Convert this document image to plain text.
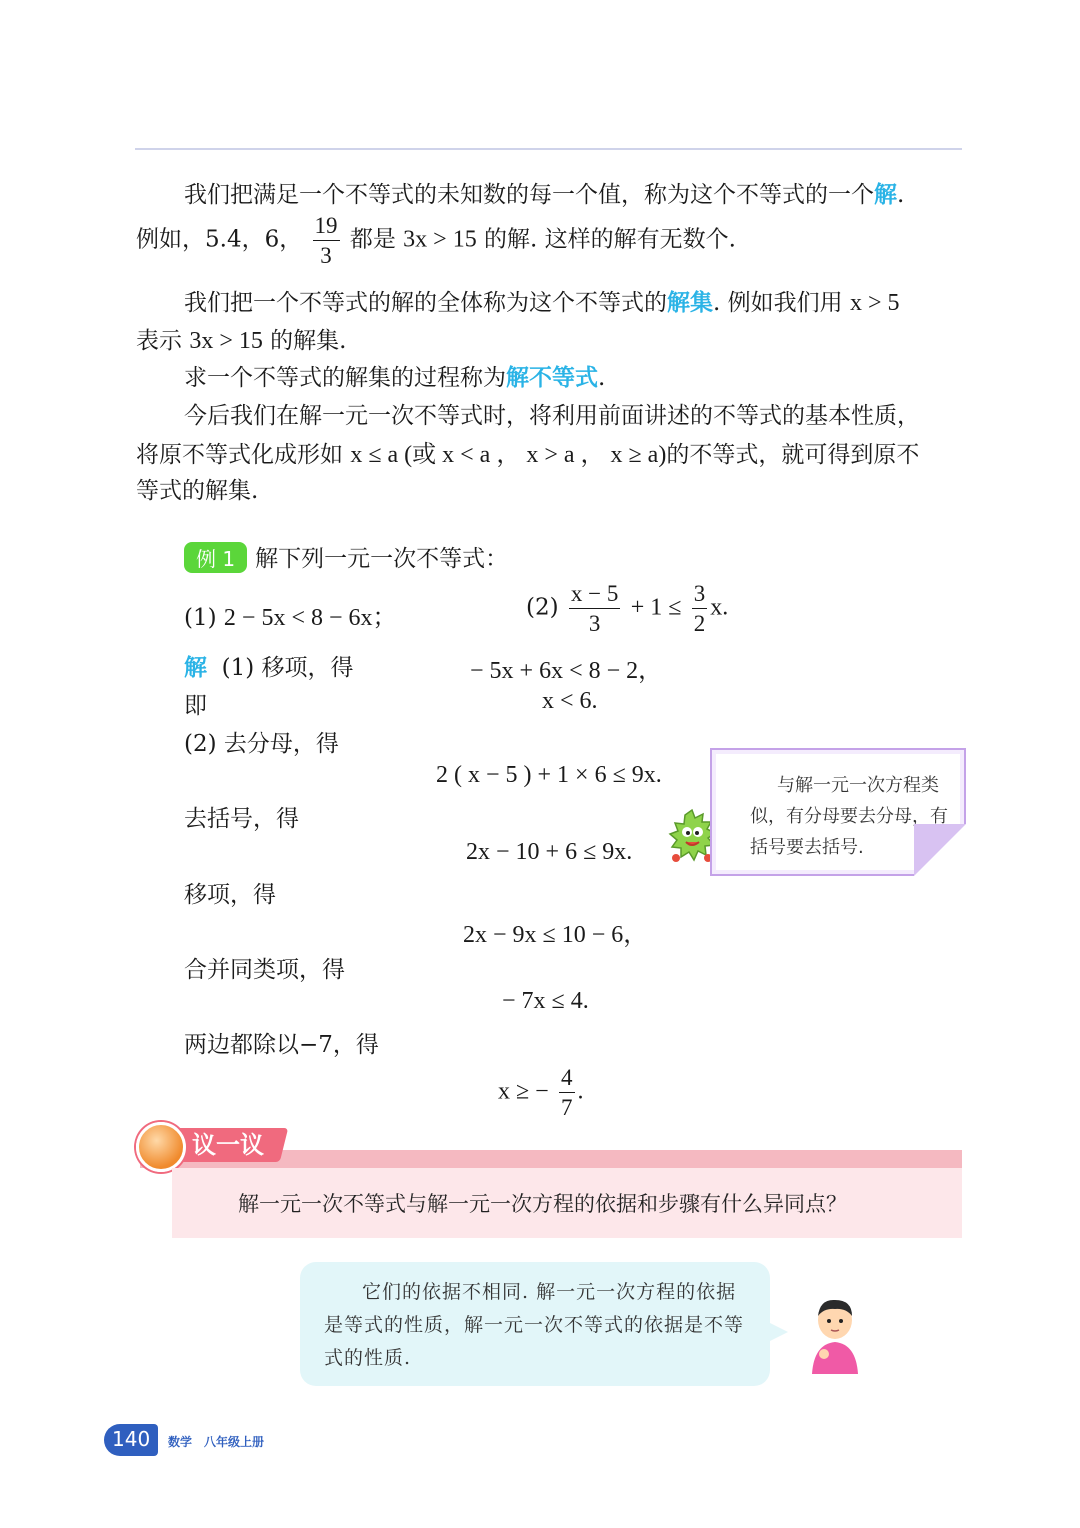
我们把满足一个不等式的未知数的每一个值，称为这个不等式的一个解.
例如，5.4，6， $\frac{19}{3}$ 都是 3x > 15 的解. 这样的解有无数个.
我们把一个不等式的解的全体称为这个不等式的解集. 例如我们用 x > 5
表示 3x > 15 的解集.
求一个不等式的解集的过程称为解不等式.
今后我们在解一元一次不等式时，将利用前面讲述的不等式的基本性质，
将原不等式化成形如 x ≤ a (或 x < a ， x > a ， x ≥ a)的不等式，就可得到原不
等式的解集.
例 1 解下列一元一次不等式：
(1) 2 − 5x < 8 − 6x；	$(2) \frac{x - 5}{3} + 1 \le \frac{3}{2} x$.
解 (1) 移项，得	− 5x + 6x < 8 − 2，
即	x < 6.
(2) 去分母，得
2 ( x − 5 ) + 1 × 6 ≤ 9x.
去括号，得
2x − 10 + 6 ≤ 9x.
移项，得
2x − 9x ≤ 10 − 6，
合并同类项，得
− 7x ≤ 4.
两边都除以−7，得
x ≥ − $\frac{4}{7}$ .
与解一元一次方程类似，有分母要去分母，有括号要去括号.
议一议
解一元一次不等式与解一元一次方程的依据和步骤有什么异同点？
它们的依据不相同. 解一元一次方程的依据是等式的性质，解一元一次不等式的依据是不等式的性质.
140 数学　八年级上册
